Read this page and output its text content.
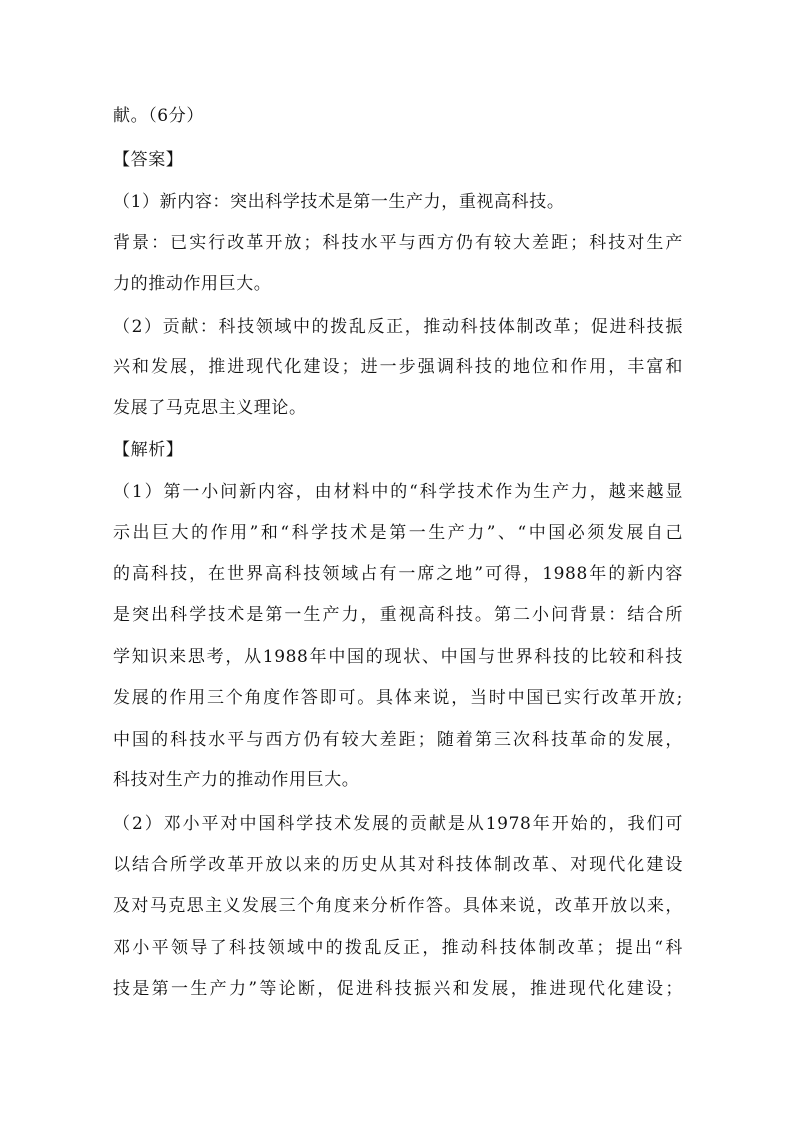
献。（6分）
【答案】
（1）新内容：突出科学技术是第一生产力，重视高科技。
背景：已实行改革开放；科技水平与西方仍有较大差距；科技对生产
力的推动作用巨大。
（2）贡献：科技领域中的拨乱反正，推动科技体制改革；促进科技振
兴和发展，推进现代化建设；进一步强调科技的地位和作用，丰富和
发展了马克思主义理论。
【解析】
（1）第一小问新内容，由材料中的“科学技术作为生产力，越来越显
示出巨大的作用”和“科学技术是第一生产力”、“中国必须发展自己
的高科技，在世界高科技领域占有一席之地”可得，1988年的新内容
是突出科学技术是第一生产力，重视高科技。第二小问背景：结合所
学知识来思考，从1988年中国的现状、中国与世界科技的比较和科技
发展的作用三个角度作答即可。具体来说，当时中国已实行改革开放;
中国的科技水平与西方仍有较大差距；随着第三次科技革命的发展，
科技对生产力的推动作用巨大。
（2）邓小平对中国科学技术发展的贡献是从1978年开始的，我们可
以结合所学改革开放以来的历史从其对科技体制改革、对现代化建设
及对马克思主义发展三个角度来分析作答。具体来说，改革开放以来，
邓小平领导了科技领域中的拨乱反正，推动科技体制改革；提出“科
技是第一生产力”等论断，促进科技振兴和发展，推进现代化建设；
